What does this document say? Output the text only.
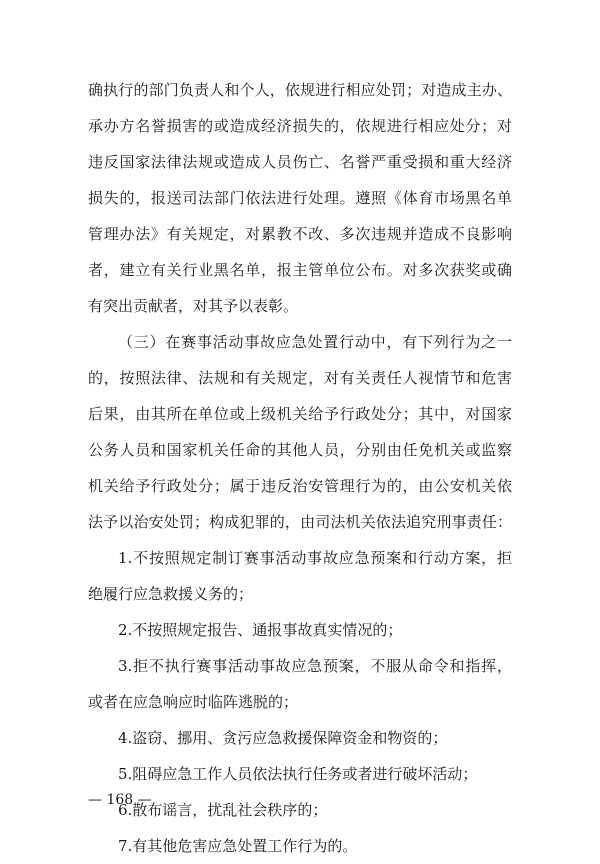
确执行的部门负责人和个人，依规进行相应处罚；对造成主办、
承办方名誉损害的或造成经济损失的，依规进行相应处分；对
违反国家法律法规或造成人员伤亡、名誉严重受损和重大经济
损失的，报送司法部门依法进行处理。遵照《体育市场黑名单
管理办法》有关规定，对累教不改、多次违规并造成不良影响
者，建立有关行业黑名单，报主管单位公布。对多次获奖或确
有突出贡献者，对其予以表彰。
（三）在赛事活动事故应急处置行动中，有下列行为之一
的，按照法律、法规和有关规定，对有关责任人视情节和危害
后果，由其所在单位或上级机关给予行政处分；其中，对国家
公务人员和国家机关任命的其他人员，分别由任免机关或监察
机关给予行政处分；属于违反治安管理行为的，由公安机关依
法予以治安处罚；构成犯罪的，由司法机关依法追究刑事责任：
1.不按照规定制订赛事活动事故应急预案和行动方案，拒
绝履行应急救援义务的；
2.不按照规定报告、通报事故真实情况的；
3.拒不执行赛事活动事故应急预案，不服从命令和指挥，
或者在应急响应时临阵逃脱的；
4.盗窃、挪用、贪污应急救援保障资金和物资的；
5.阻碍应急工作人员依法执行任务或者进行破坏活动；
6.散布谣言，扰乱社会秩序的；
7.有其他危害应急处置工作行为的。
— 168 —
